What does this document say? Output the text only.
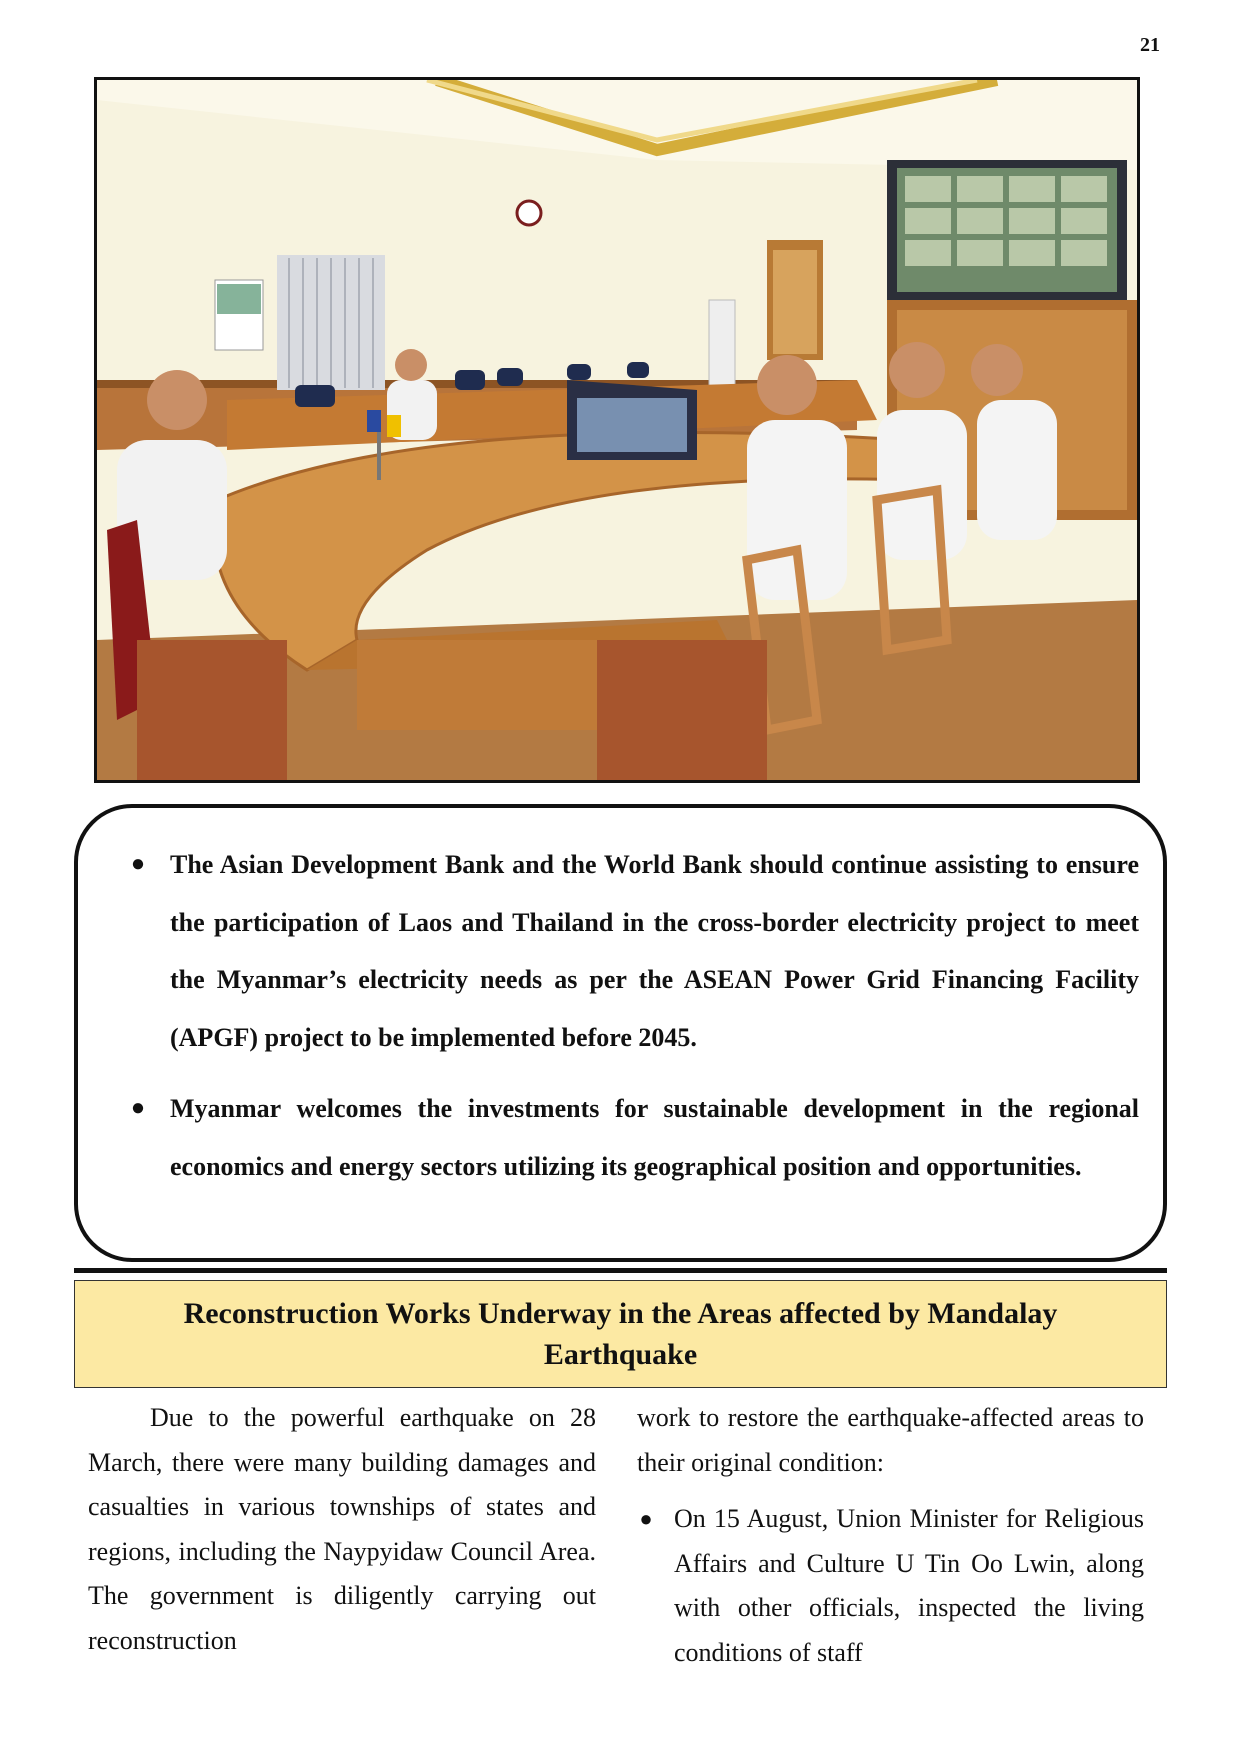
21
● The Asian Development Bank and the World Bank should continue assisting to ensure the participation of Laos and Thailand in the cross-border electricity project to meet the Myanmar’s electricity needs as per the ASEAN Power Grid Financing Facility (APGF) project to be implemented before 2045.
● Myanmar welcomes the investments for sustainable development in the regional economics and energy sectors utilizing its geographical position and opportunities.
Reconstruction Works Underway in the Areas affected by Mandalay Earthquake

Due to the powerful earthquake on 28 March, there were many building damages and casualties in various townships of states and regions, including the Naypyidaw Council Area. The government is diligently carrying out reconstruction

work to restore the earthquake-affected areas to their original condition:

● On 15 August, Union Minister for Religious Affairs and Culture U Tin Oo Lwin, along with other officials, inspected the living conditions of staff
